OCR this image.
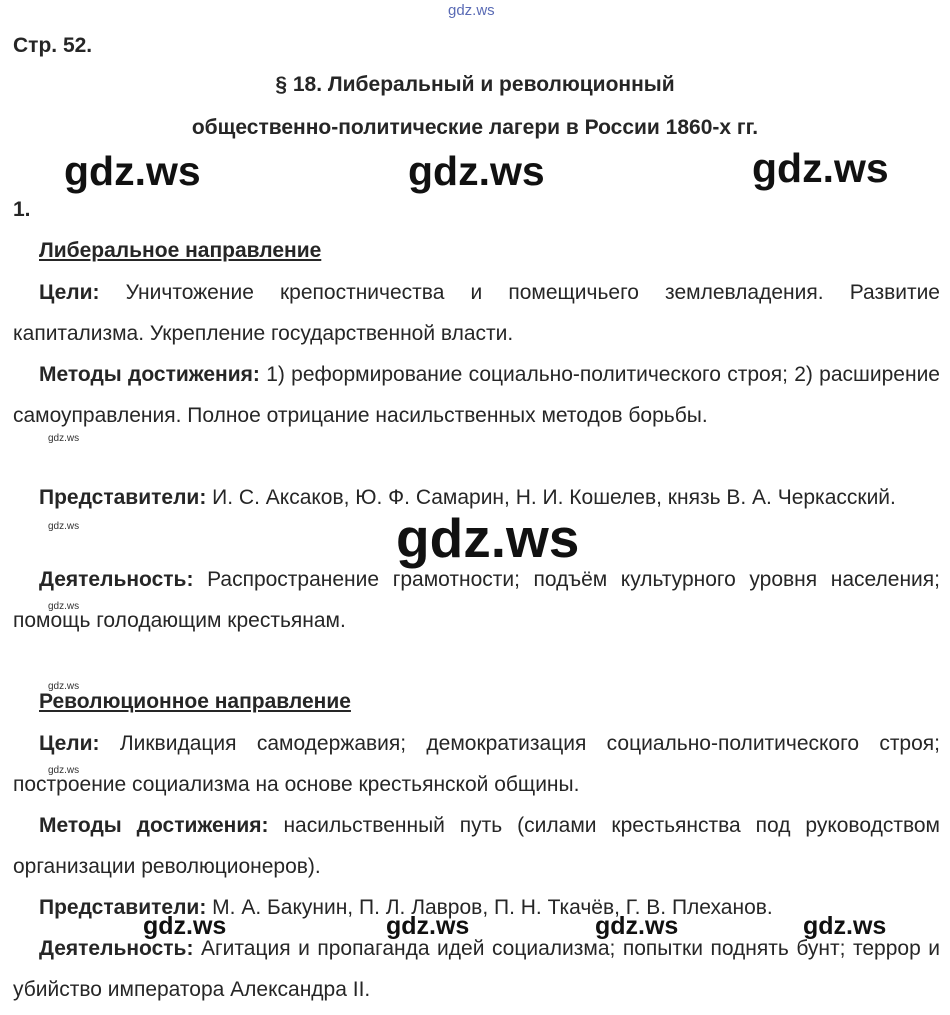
gdz.ws
Стр. 52.
§ 18. Либеральный и революционный
общественно-политические лагери в России 1860-х гг.
gdz.ws	gdz.ws	gdz.ws
1.
Либеральное направление

Цели: Уничтожение крепостничества и помещичьего землевладения. Развитие капитализма. Укрепление государственной власти.

Методы достижения: 1) реформирование социально-политического строя; 2) расширение самоуправления. Полное отрицание насильственных методов борьбы.

Представители: И. С. Аксаков, Ю. Ф. Самарин, Н. И. Кошелев, князь В. А. Черкасский.

Деятельность: Распространение грамотности; подъём культурного уровня населения; помощь голодающим крестьянам.

gdz.ws
gdz.ws
gdz.ws
gdz.ws
gdz.ws
gdz.ws
Революционное направление

Цели: Ликвидация самодержавия; демократизация социально-политического строя; построение социализма на основе крестьянской общины.

Методы достижения: насильственный путь (силами крестьянства под руководством организации революционеров).

Представители: М. А. Бакунин, П. Л. Лавров, П. Н. Ткачёв, Г. В. Плеханов.

Деятельность: Агитация и пропаганда идей социализма; попытки поднять бунт; террор и убийство императора Александра II.

gdz.ws	gdz.ws	gdz.ws	gdz.ws
